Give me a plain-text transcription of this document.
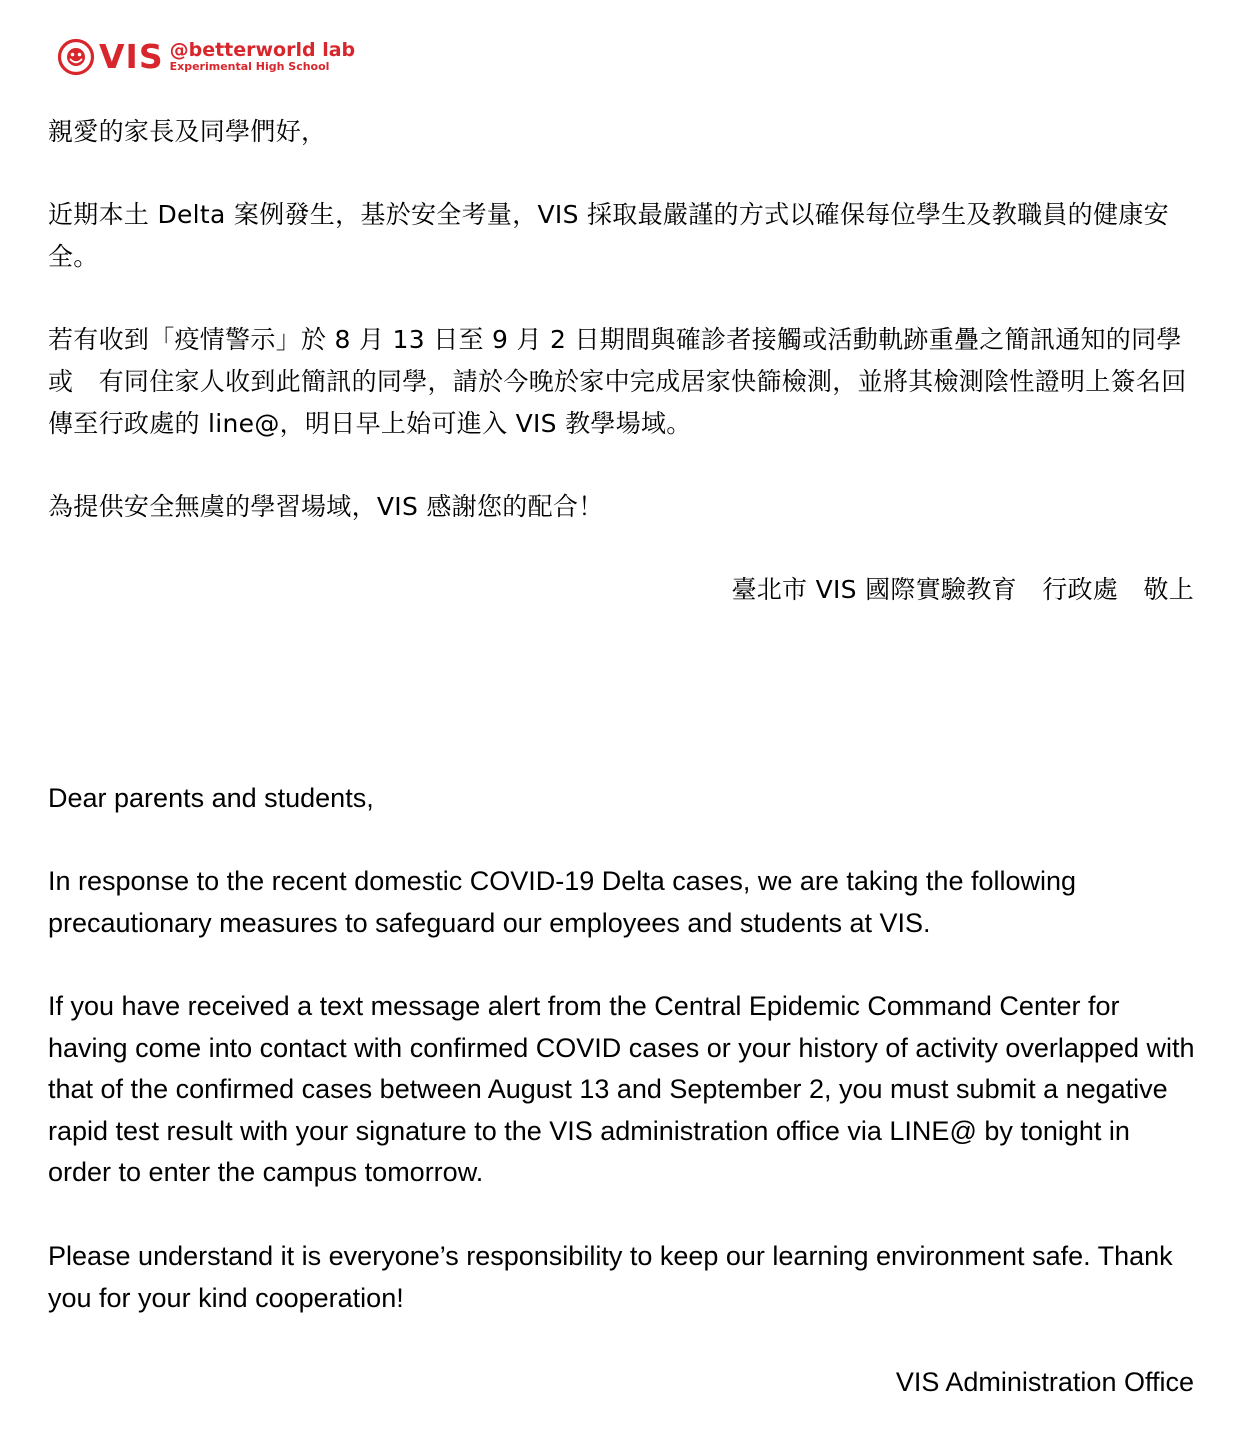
VIS @betterworld lab
Experimental High School

親愛的家長及同學們好，

近期本土 Delta 案例發生，基於安全考量，VIS 採取最嚴謹的方式以確保每位學生及教職員的健康安全。

若有收到「疫情警示」於 8 月 13 日至 9 月 2 日期間與確診者接觸或活動軌跡重疊之簡訊通知的同學　或　有同住家人收到此簡訊的同學，請於今晚於家中完成居家快篩檢測，並將其檢測陰性證明上簽名回傳至行政處的 line@，明日早上始可進入 VIS 教學場域。

為提供安全無虞的學習場域，VIS 感謝您的配合！

臺北市 VIS 國際實驗教育　行政處　敬上

Dear parents and students,

In response to the recent domestic COVID-19 Delta cases, we are taking the following precautionary measures to safeguard our employees and students at VIS.

If you have received a text message alert from the Central Epidemic Command Center for having come into contact with confirmed COVID cases or your history of activity overlapped with that of the confirmed cases between August 13 and September 2, you must submit a negative rapid test result with your signature to the VIS administration office via LINE@ by tonight in order to enter the campus tomorrow.

Please understand it is everyone’s responsibility to keep our learning environment safe. Thank you for your kind cooperation!

VIS Administration Office
